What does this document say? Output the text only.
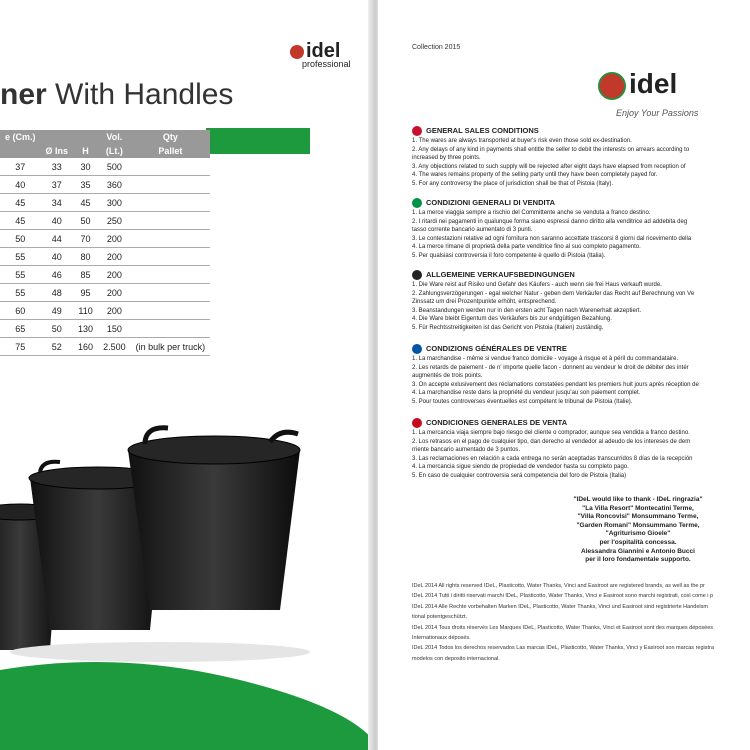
idel
professional
ner With Handles
e (Cm.)			Vol.	Qty
	Ø Ins	H	(Lt.)	Pallet
37	33	30	500	
40	37	35	360	
45	34	45	300	
45	40	50	250	
50	44	70	200	
55	40	80	200	
55	46	85	200	
55	48	95	200	
60	49	110	200	
65	50	130	150	
75	52	160	2.500	(in bulk per truck)
Collection 2015
idel
Enjoy Your Passions
GENERAL SALES CONDITIONS

1. The wares are always transported at buyer's risk even those sold ex-destination.

2. Any delays of any kind in payments shall entitle the seller to debit the interests on arrears according to

increased by three points.

3. Any objections related to such supply will be rejected after eight days have elapsed from reception of

4. The wares remains property of the selling party until they have been completely payed for.

5. For any controversy the place of jurisdiction shall be that of Pistoia (Italy).

CONDIZIONI GENERALI DI VENDITA

1. La merce viaggia sempre a rischio del Committente anche se venduta a franco destino.

2. I ritardi nei pagamenti in qualunque forma siano espressi danno diritto alla venditrice ad addebita deg

tasso corrente bancario aumentato di 3 punti.

3. Le contestazioni relative ad ogni fornitura non saranno accettate trascorsi 8 giorni dal ricevimento della

4. La merce rimane di proprietà della parte venditrice fino al suo completo pagamento.

5. Per qualsiasi controversia il foro competente è quello di Pistoia (Italia).

ALLGEMEINE VERKAUFSBEDINGUNGEN

1. Die Ware reist auf Risiko und Gefahr des Käufers - auch wenn sie frei Haus verkauft wurde.

2. Zahlungsverzögerungen - egal welcher Natur - geben dem Verkäufer das Recht auf Berechnung von Ve

Zinssatz um drei Prozentpunkte erhöht, entsprechend.

3. Beanstandungen werden nur in den ersten acht Tagen nach Warenerhalt akzeptiert.

4. Die Ware bleibt Eigentum des Verkäufers bis zur endgültigen Bezahlung.

5. Für Rechtsstreitigkeiten ist das Gericht von Pistoia (Italien) zuständig.

CONDIZIONS GÉNÉRALES DE VENTRE

1. La marchandise - même si vendue franco domicile - voyage à risque et à péril du commandataire.

2. Les retards de paiement - de n' importe quelle facon - donnent au vendeur le droit de débiter des intér

augmentés de trois points.

3. On accepte exlusivement des réclamations constatées pendant les premiers huit jours après réception de

4. La marchandise reste dans la propriété du vendeur jusqu'au son paiement complet.

5. Pour toutes controverses éventuelles est compétent le tribunal de Pistoia (Italie).

CONDICIONES GENERALES DE VENTA

1. La mercancia viaja siempre bajo riesgo del cliente o comprador, aunque sea vendida a franco destino.

2. Los retrasos en el pago de cualquier tipo, dan derecho al vendedor al adeudo de los intereses de dem

rriente bancario aumentado de 3 puntos.

3. Las reclamaciones en relación a cada entrega no serán aceptadas transcurridos 8 días de la recepción

4. La mercancia sigue siendo de propiedad de vendedor hasta su completo pago.

5. En caso de cualquier controversia será competencia del foro de Pistoia (Italia)

"IDeL would like to thank - IDeL ringrazia"
"La Villa Resort" Montecatini Terme,
"Villa Roncovisi" Monsummano Terme,
"Garden Romani" Monsummano Terme,
"Agriturismo Gioele"
per l'ospitalità concessa.
Alessandra Giannini e Antonio Bucci
per il loro fondamentale supporto.

IDeL 2014 All rights reserved IDeL, Plasticotto, Water Thanks, Vinci and Easiroot are registered brands, as well as the pr

IDeL 2014 Tutti i diritti riservati marchi IDeL, Plasticotto, Water Thanks, Vinci e Easiroot sono marchi registrati, così come i p

IDeL 2014 Alle Rechte vorbehalten Marken IDeL, Plasticotto, Water Thanks, Vinci und Easiroot sind registrierte Handelsm

tional potentgeschützt.

IDeL 2014 Tous droits réservés Les Marques IDeL, Plasticotto, Water Thanks, Vinci et Easiroot sont des marques déposées

Internationaux déposés.

IDeL 2014 Todos los derechos reservados Las marcas IDeL, Plasticotto, Water Thanks, Vinci y Easiroot son marcas registra

modelos con deposito internacional.
